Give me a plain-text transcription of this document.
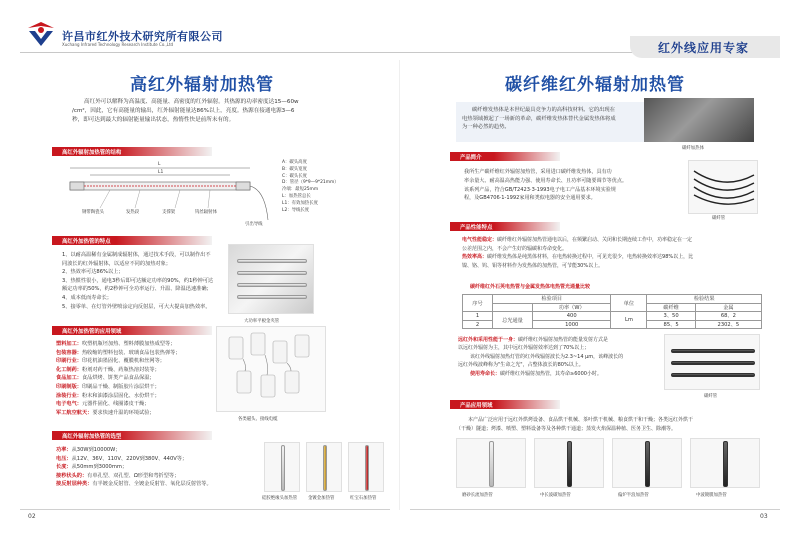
许昌市红外技术研究所有限公司
Xuchang Infrared Technology Research Institute Co.,Ltd	红外线应用专家
高红外辐射加热管
高红外可以解释为高温度、高能量、高密度的红外辐射。其热源的功率密度达15—60w
/cm²，因此，它有高能量的输出，红外辐射能量达86%以上，亮度。热源在接通电源3—6
秒，即可达到最大的辐射能量输出状态，热惰性快是前所未有的。
高红外辐射加热管的结构
L
L1
钢带陶瓷头	发热段	支撑架	钨丝辐射体
引出导线
A：碳头高度
B：碳头宽度
C：碳头长度
D：管径（9*9—9*21mm）
冷端：最短25mm
L：加热管总长
L1：有效加热长度
L2：导线长度
高红外加热管的特点
1、以耐高温稀有金属制成辐射体，通过技术手段，可以制作出不
同波长的红外辐射体，以适应不同的加热对象；
2、热效率可达86%以上；
3、热惯性很小，通电3秒后即可达额定功率的90%，约1秒钟可达
额定功率的50%，约2秒钟可全功率运行、升温、降温迅速准确；
4、成本低而寿命长；
5、接零单、在灯管外壁喷涂定向反射层，可大大提高加热效率。
大功率平板金夹管
高红外加热管的应用领域
塑料加工：吹塑机瓶坯加热、塑料薄膜加热成型等；
包装容器：热收缩的塑料包装、玻璃食品包装热弹等；
印刷行业：印花机油墨固化、覆膜机和丝网等；
化工制药：粉剂对药干燥、药瓶热溶封装等；
食品加工：食品烘烤、饼类产品食品保温；
印刷制版：印刷品干燥、制版胶片涂层烘干；
涂装行业：粉末和油漆涂层固化、水份烘干；
电子电气：元器件固化、线圈漆皮干燥；
军工航空航天：要求快速升温的环境试验；
各类磁头、接线电缆
高红外辐射加热管的选型
功率：从30W到10000W；
电压：从12V、36V、110V、220V到380V、440V等；
长度：从50mm到3000mm；
接秒状头的：有单孔型、双孔型、Ω形型和弯折型等；
接反射层种类：有半镀金反射管、全镀金反射管、氧化层反射管等。
硅胶绝缘头加热管 金镀金加热管	红宝石加热管
碳纤维红外辐射加热管
碳纤维发热体是本世纪最具竞争力的高科技材料。它的出现在
电热领域掀起了一场新的革命，碳纤维发热体替代金属发热体将成
为一种必然的趋势。
碳纤加热体
产品简介
我所生产碳纤维红外辐射加热管，采用进口碳纤维发热体，具有功
率余量大、耐高温高热能力强、使用寿命长、且功率可随要调节等优点。
该系列产品，符合GB/T2423·3-1993电子电工产品基本环境实验规
程，及GB4706·1-1992家用和类似电器的安全通用要求。
碳纤管
产品性能特点
电气性能稳定：碳纤维红外辐射加热管通电以后，在频繁启动、关闭和长期连续工作中，功率稳定在一定
公差范围之内，不会产生好的辐碳和寿命变化。
热效率高：碳纤维发热体是纯黑体材料，在电热转换过程中，可见光很少，电热转换效率达98%以上，比
镍、铬、钨、钼等材料作为发热体的加热管，可节能30%以上。
碳纤维红外石英电热管与金属发热体电热管光通量比较
序号	检验项目		单位	检验结果	
		功率（W）		碳纤维	金属
1	总光通量	400	Lm	3、50	68、2
2		1000		85、5	2302、5
远红外和采用性能于一身：碳纤维红外辐射加热管的能量发射方式是
以远红外辐射为主，其中远红外辐射效率达到了70%以上；
该红外线辐射加热灯管的红外线辐射波长为2.3~14 μm，该峰波长的
远红外线波峰称为"生命之光"，占整体波长的80%以上。
使用寿命长：碳纤维红外辐射加热管，其寿命≥6000小时。
碳纤管
产品应用领域
本产品广泛应用于远红外烘烤设备、食品烘干机械、茶叶烘干机械、粮食烘干和干燥；各类远红外烘干
（干燥）隧道；烤漆、喷塑、塑料设备等及各种烘干通道；蒸发火焰保温种植、医务卫生、除潮等。
磨砂长流加热管	中长波碳加热管	偏炉半浪加热管	中波镀膜加热管
02	03
